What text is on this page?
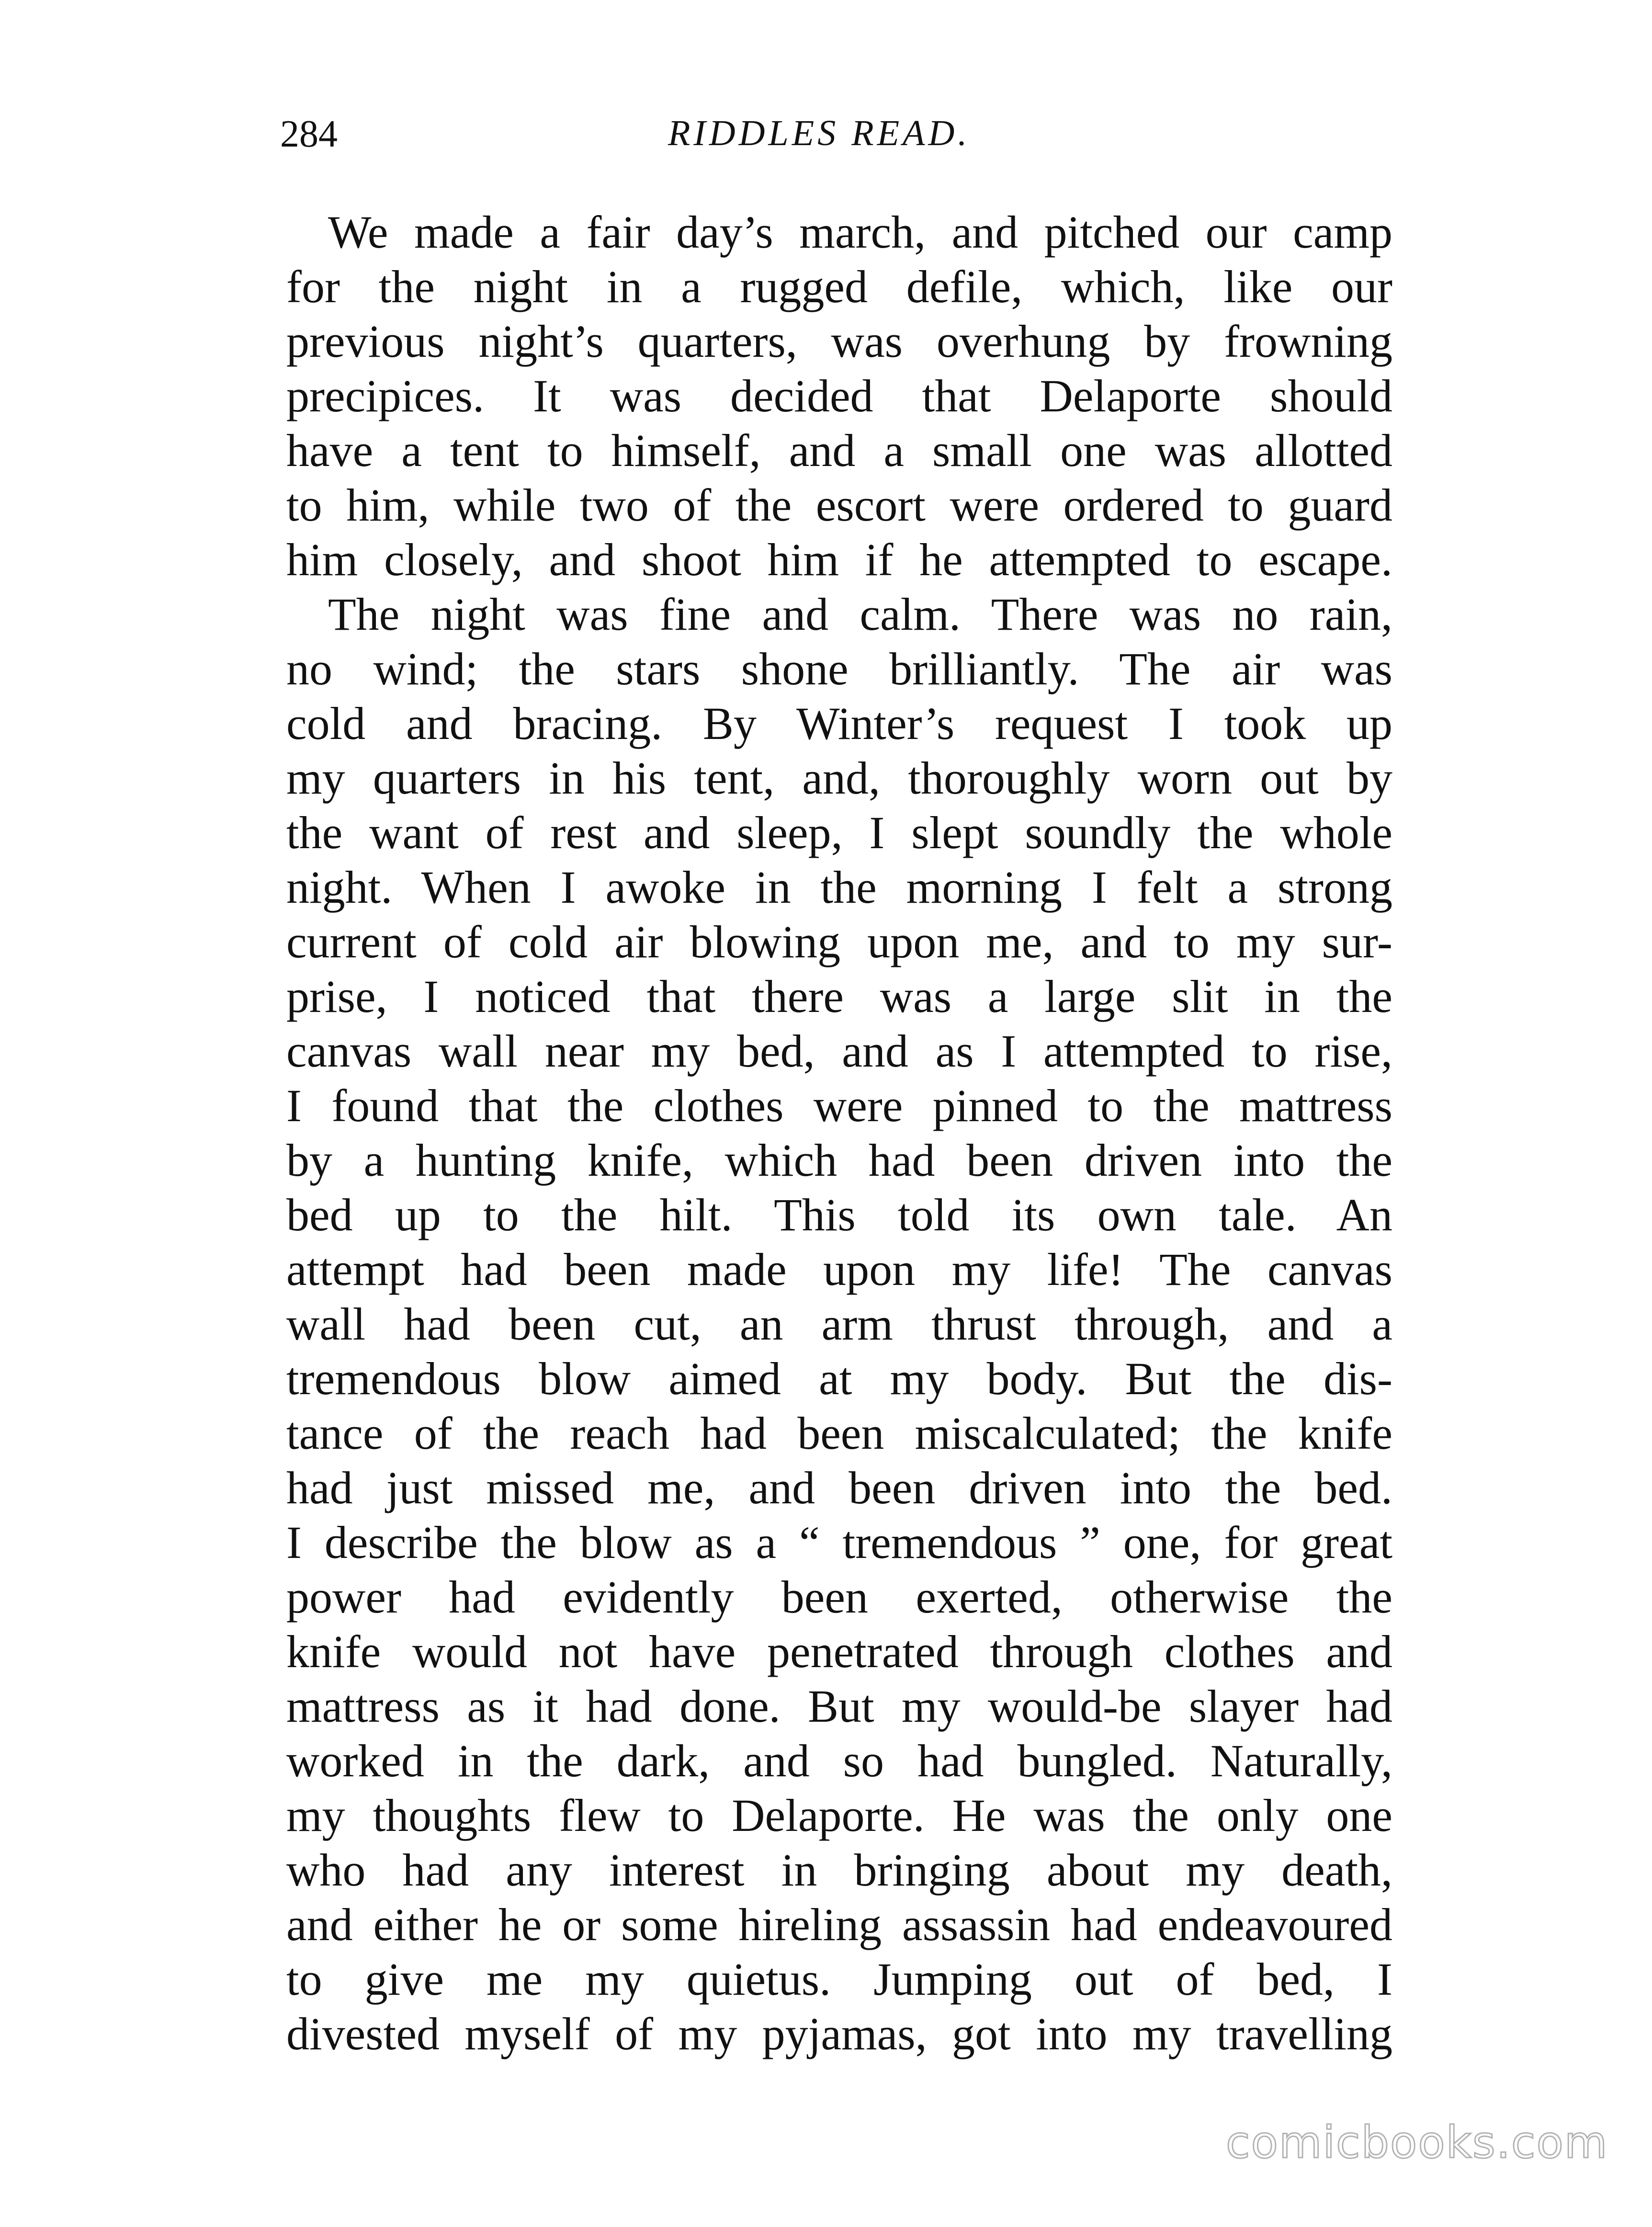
284	RIDDLES READ.
We made a fair day’s march, and pitched our camp
for the night in a rugged defile, which, like our
previous night’s quarters, was overhung by frowning
precipices. It was decided that Delaporte should
have a tent to himself, and a small one was allotted
to him, while two of the escort were ordered to guard
him closely, and shoot him if he attempted to escape.
The night was fine and calm. There was no rain,
no wind; the stars shone brilliantly. The air was
cold and bracing. By Winter’s request I took up
my quarters in his tent, and, thoroughly worn out by
the want of rest and sleep, I slept soundly the whole
night. When I awoke in the morning I felt a strong
current of cold air blowing upon me, and to my sur-
prise, I noticed that there was a large slit in the
canvas wall near my bed, and as I attempted to rise,
I found that the clothes were pinned to the mattress
by a hunting knife, which had been driven into the
bed up to the hilt. This told its own tale. An
attempt had been made upon my life! The canvas
wall had been cut, an arm thrust through, and a
tremendous blow aimed at my body. But the dis-
tance of the reach had been miscalculated; the knife
had just missed me, and been driven into the bed.
I describe the blow as a “ tremendous ” one, for great
power had evidently been exerted, otherwise the
knife would not have penetrated through clothes and
mattress as it had done. But my would-be slayer had
worked in the dark, and so had bungled. Naturally,
my thoughts flew to Delaporte. He was the only one
who had any interest in bringing about my death,
and either he or some hireling assassin had endeavoured
to give me my quietus. Jumping out of bed, I
divested myself of my pyjamas, got into my travelling
comicbooks.com
